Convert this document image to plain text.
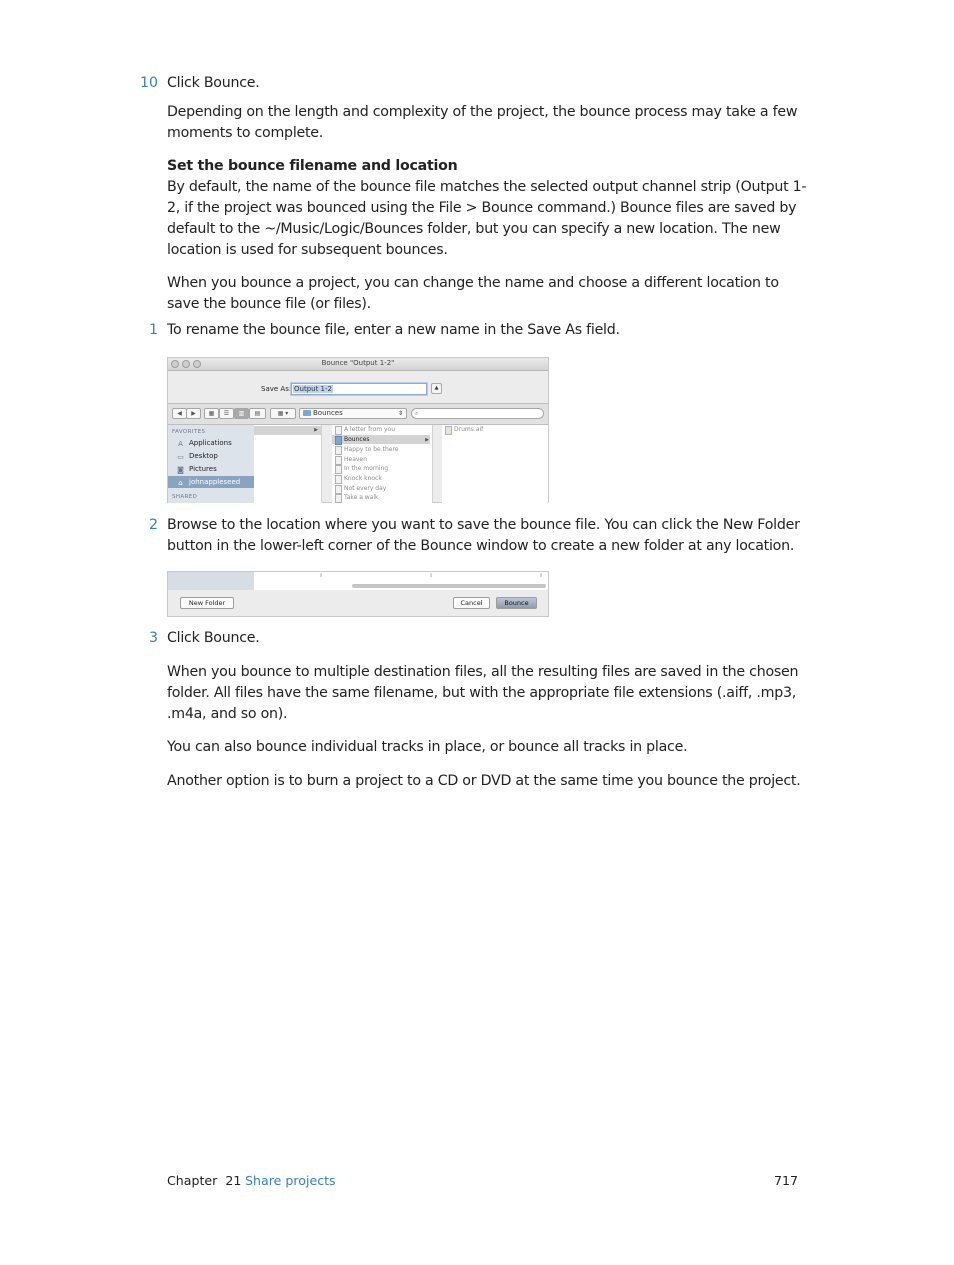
10 Click Bounce.
Depending on the length and complexity of the project, the bounce process may take a few moments to complete.
Set the bounce filename and location
By default, the name of the bounce file matches the selected output channel strip (Output 1-2, if the project was bounced using the File > Bounce command.) Bounce files are saved by default to the ~/Music/Logic/Bounces folder, but you can specify a new location. The new location is used for subsequent bounces.
When you bounce a project, you can change the name and choose a different location to save the bounce file (or files).
1 To rename the bounce file, enter a new name in the Save As field.
Bounce "Output 1-2"
Save As: Output 1-2	▲
◀	▶	▦	☰	▥	▤	▦ ▾	Bounces	⇕	⌕
FAVORITES
A Applications
▭ Desktop
◙ Pictures
⌂ johnappleseed
SHARED
▶	A letter from you
Bounces	▶
Happy to be there
Heaven
In the morning
Knock knock
Not every day
Take a walk
Drums.aif
2 Browse to the location where you want to save the bounce file. You can click the New Folder button in the lower-left corner of the Bounce window to create a new folder at any location.
⫴	⫴	⫴
New Folder	Cancel	Bounce
3 Click Bounce.
When you bounce to multiple destination files, all the resulting files are saved in the chosen folder. All files have the same filename, but with the appropriate file extensions (.aiff, .mp3, .m4a, and so on).
You can also bounce individual tracks in place, or bounce all tracks in place.
Another option is to burn a project to a CD or DVD at the same time you bounce the project.
Chapter  21 Share projects	717
